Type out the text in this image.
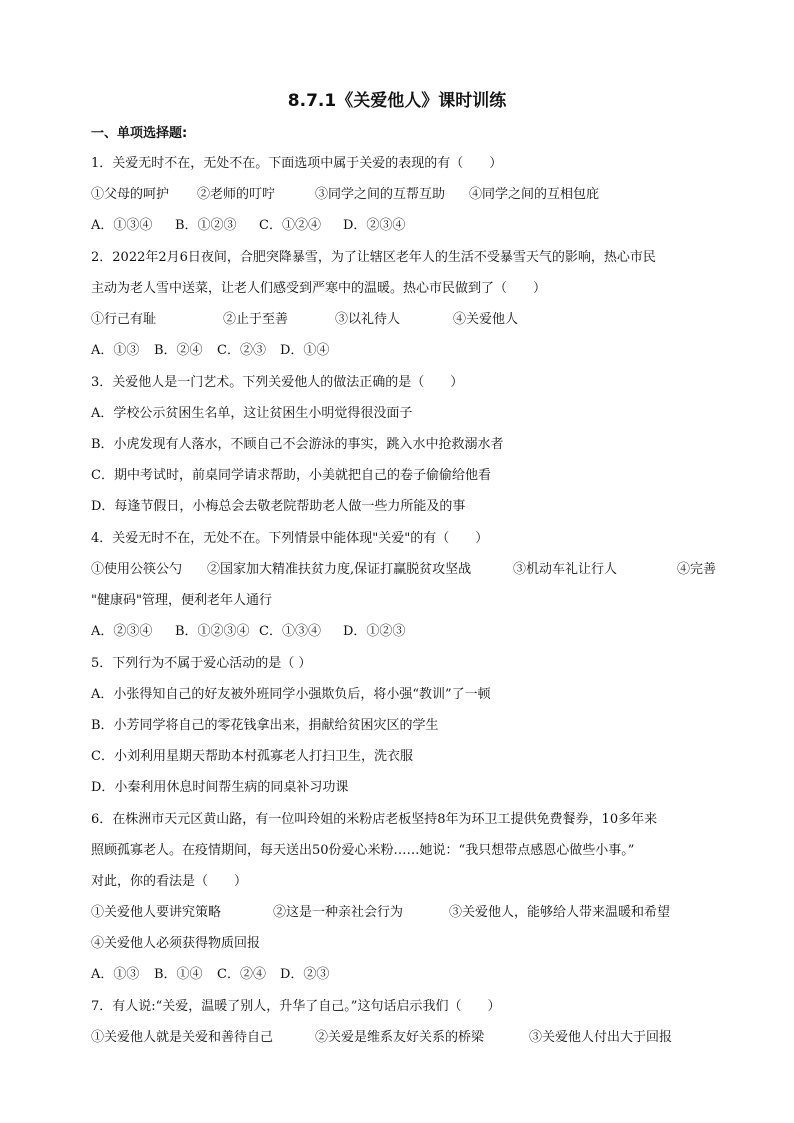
8.7.1《关爱他人》课时训练
一、单项选择题:
1．关爱无时不在，无处不在。下面选项中属于关爱的表现的有（　　）
①父母的呵护 ②老师的叮咛	③同学之间的互帮互助 ④同学之间的互相包庇
A．①③④ B．①②③ C．①②④ D．②③④
2．2022年2月6日夜间，合肥突降暴雪，为了让辖区老年人的生活不受暴雪天气的影响，热心市民
主动为老人雪中送菜，让老人们感受到严寒中的温暖。热心市民做到了（　　）
①行己有耻	②止于至善	③以礼待人	④关爱他人
A．①③ B．②④ C．②③ D．①④
3．关爱他人是一门艺术。下列关爱他人的做法正确的是（　　）
A．学校公示贫困生名单，这让贫困生小明觉得很没面子
B．小虎发现有人落水，不顾自己不会游泳的事实，跳入水中抢救溺水者
C．期中考试时，前桌同学请求帮助，小美就把自己的卷子偷偷给他看
D．每逢节假日，小梅总会去敬老院帮助老人做一些力所能及的事
4．关爱无时不在，无处不在。下列情景中能体现"关爱"的有（　　）
①使用公筷公勺 ②国家加大精准扶贫力度,保证打赢脱贫攻坚战	③机动车礼让行人	④完善
"健康码"管理，便利老年人通行
A．②③④ B．①②③④ C．①③④ D．①②③
5．下列行为不属于爱心活动的是（ ）
A．小张得知自己的好友被外班同学小强欺负后，将小强“教训”了一顿
B．小芳同学将自己的零花钱拿出来，捐献给贫困灾区的学生
C．小刘利用星期天帮助本村孤寡老人打扫卫生，洗衣服
D．小秦利用休息时间帮生病的同桌补习功课
6．在株洲市天元区黄山路，有一位叫玲姐的米粉店老板坚持8年为环卫工提供免费餐券，10多年来
照顾孤寡老人。在疫情期间，每天送出50份爱心米粉……她说：“我只想带点感恩心做些小事。”
对此，你的看法是（　　）
①关爱他人要讲究策略	②这是一种亲社会行为	③关爱他人，能够给人带来温暖和希望
④关爱他人必须获得物质回报
A．①③ B．①④ C．②④ D．②③
7．有人说:“关爱，温暖了别人，升华了自己。”这句话启示我们（　　）
①关爱他人就是关爱和善待自己	②关爱是维系友好关系的桥梁	③关爱他人付出大于回报
